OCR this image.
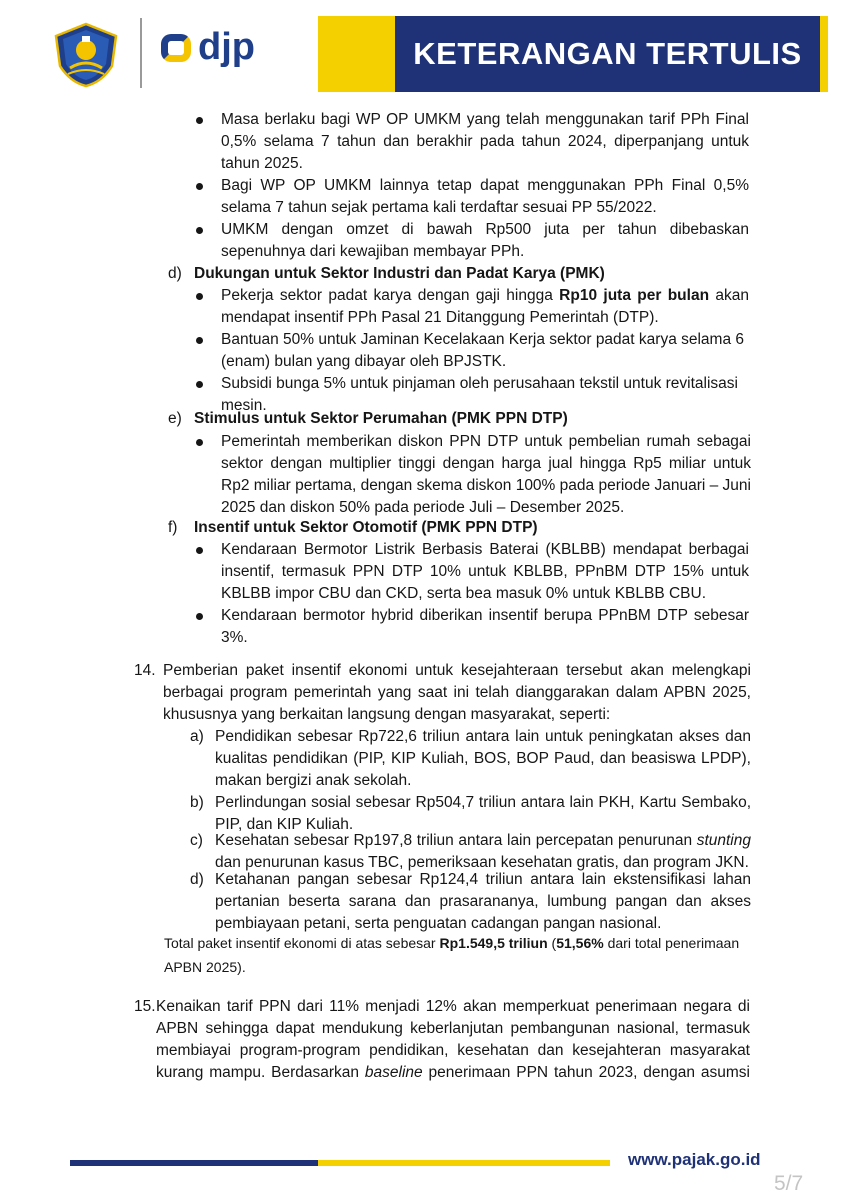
djp	KETERANGAN TERTULIS
Masa berlaku bagi WP OP UMKM yang telah menggunakan tarif PPh Final 0,5% selama 7 tahun dan berakhir pada tahun 2024, diperpanjang untuk tahun 2025.
Bagi WP OP UMKM lainnya tetap dapat menggunakan PPh Final 0,5% selama 7 tahun sejak pertama kali terdaftar sesuai PP 55/2022.
UMKM dengan omzet di bawah Rp500 juta per tahun dibebaskan sepenuhnya dari kewajiban membayar PPh.
d) Dukungan untuk Sektor Industri dan Padat Karya (PMK)
Pekerja sektor padat karya dengan gaji hingga Rp10 juta per bulan akan mendapat insentif PPh Pasal 21 Ditanggung Pemerintah (DTP).
Bantuan 50% untuk Jaminan Kecelakaan Kerja sektor padat karya selama 6 (enam) bulan yang dibayar oleh BPJSTK.
Subsidi bunga 5% untuk pinjaman oleh perusahaan tekstil untuk revitalisasi mesin.
e) Stimulus untuk Sektor Perumahan (PMK PPN DTP)
Pemerintah memberikan diskon PPN DTP untuk pembelian rumah sebagai sektor dengan multiplier tinggi dengan harga jual hingga Rp5 miliar untuk Rp2 miliar pertama, dengan skema diskon 100% pada periode Januari – Juni 2025 dan diskon 50% pada periode Juli – Desember 2025.
f) Insentif untuk Sektor Otomotif (PMK PPN DTP)
Kendaraan Bermotor Listrik Berbasis Baterai (KBLBB) mendapat berbagai insentif, termasuk PPN DTP 10% untuk KBLBB, PPnBM DTP 15% untuk KBLBB impor CBU dan CKD, serta bea masuk 0% untuk KBLBB CBU.
Kendaraan bermotor hybrid diberikan insentif berupa PPnBM DTP sebesar 3%.
14. Pemberian paket insentif ekonomi untuk kesejahteraan tersebut akan melengkapi berbagai program pemerintah yang saat ini telah dianggarakan dalam APBN 2025, khususnya yang berkaitan langsung dengan masyarakat, seperti:
a) Pendidikan sebesar Rp722,6 triliun antara lain untuk peningkatan akses dan kualitas pendidikan (PIP, KIP Kuliah, BOS, BOP Paud, dan beasiswa LPDP), makan bergizi anak sekolah.
b) Perlindungan sosial sebesar Rp504,7 triliun antara lain PKH, Kartu Sembako, PIP, dan KIP Kuliah.
c) Kesehatan sebesar Rp197,8 triliun antara lain percepatan penurunan stunting dan penurunan kasus TBC, pemeriksaan kesehatan gratis, dan program JKN.
d) Ketahanan pangan sebesar Rp124,4 triliun antara lain ekstensifikasi lahan pertanian beserta sarana dan prasarananya, lumbung pangan dan akses pembiayaan petani, serta penguatan cadangan pangan nasional.
Total paket insentif ekonomi di atas sebesar Rp1.549,5 triliun (51,56% dari total penerimaan APBN 2025).
15. Kenaikan tarif PPN dari 11% menjadi 12% akan memperkuat penerimaan negara di APBN sehingga dapat mendukung keberlanjutan pembangunan nasional, termasuk membiayai program-program pendidikan, kesehatan dan kesejahteran masyarakat kurang mampu. Berdasarkan baseline penerimaan PPN tahun 2023, dengan asumsi
www.pajak.go.id
5/7
